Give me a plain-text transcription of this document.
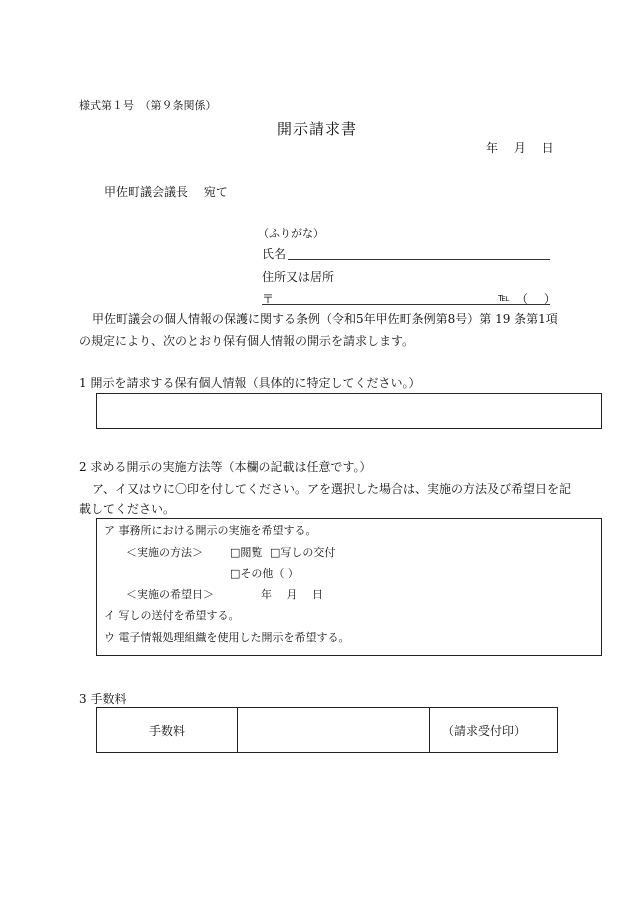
様式第１号　（第９条関係）
開示請求書
年　 月　 日
甲佐町議会議長　 宛て
（ふりがな）
氏名
住所又は居所
〒	℡ （　 ）
甲佐町議会の個人情報の保護に関する条例（令和5年甲佐町条例第8号）第 19 条第1項
の規定により、次のとおり保有個人情報の開示を請求します。
1 開示を請求する保有個人情報（具体的に特定してください。）
2 求める開示の実施方法等（本欄の記載は任意です。）
ア、イ又はウに〇印を付してください。アを選択した場合は、実施の方法及び希望日を記
載してください。
ア 事務所における開示の実施を希望する。
＜実施の方法＞ □閲覧 □写しの交付
□その他（ ）
＜実施の希望日＞	年　 月　 日
イ 写しの送付を希望する。
ウ 電子情報処理組織を使用した開示を希望する。
3 手数料
手数料	（請求受付印）
